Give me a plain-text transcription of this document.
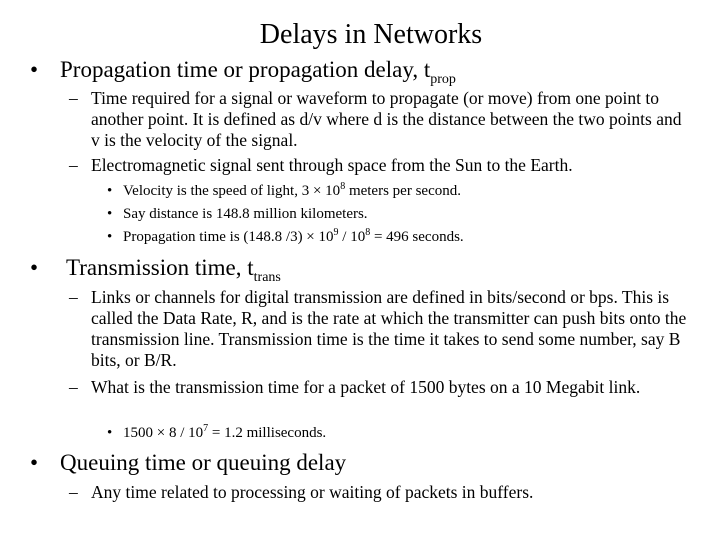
Delays in Networks
• Propagation time or propagation delay, $t_{prop}$
– Time required for a signal or waveform to propagate (or move) from one point to another point. It is defined as d/v where d is the distance between the two points and v is the velocity of the signal.
– Electromagnetic signal sent through space from the Sun to the Earth.
• Velocity is the speed of light, $3 \times 10^8$ meters per second.
• Say distance is 148.8 million kilometers.
• Propagation time is (148.8 $/3) \times 10^9 / 10^8 = 496$ seconds.
• Transmission time, $t_{trans}$
– Links or channels for digital transmission are defined in bits/second or bps. This is called the Data Rate, R, and is the rate at which the transmitter can push bits onto the transmission line. Transmission time is the time it takes to send some number, say B bits, or B/R.
– What is the transmission time for a packet of 1500 bytes on a 10 Megabit link.
• $1500 \times 8 / 10^7 = 1.2$ milliseconds.
• Queuing time or queuing delay
– Any time related to processing or waiting of packets in buffers.
